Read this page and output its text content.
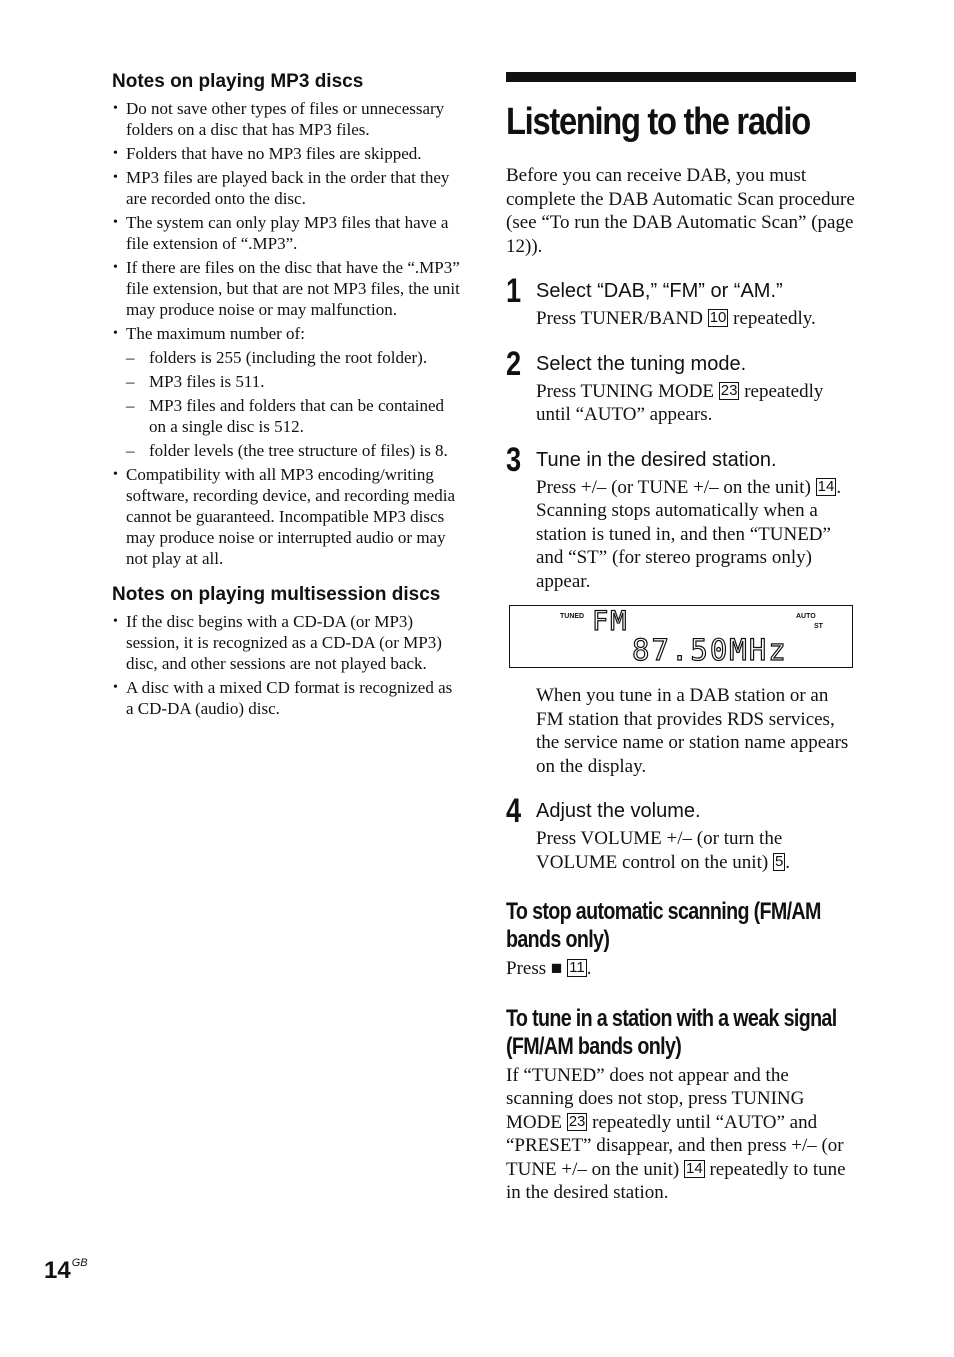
Notes on playing MP3 discs
• Do not save other types of files or unnecessary folders on a disc that has MP3 files.
• Folders that have no MP3 files are skipped.
• MP3 files are played back in the order that they are recorded onto the disc.
• The system can only play MP3 files that have a file extension of “.MP3”.
• If there are files on the disc that have the “.MP3” file extension, but that are not MP3 files, the unit may produce noise or may malfunction.
• The maximum number of:
– folders is 255 (including the root folder).
– MP3 files is 511.
– MP3 files and folders that can be contained on a single disc is 512.
– folder levels (the tree structure of files) is 8.
• Compatibility with all MP3 encoding/writing software, recording device, and recording media cannot be guaranteed. Incompatible MP3 discs may produce noise or interrupted audio or may not play at all.
Notes on playing multisession discs
• If the disc begins with a CD-DA (or MP3) session, it is recognized as a CD-DA (or MP3) disc, and other sessions are not played back.
• A disc with a mixed CD format is recognized as a CD-DA (audio) disc.
Listening to the radio

Before you can receive DAB, you must complete the DAB Automatic Scan procedure (see “To run the DAB Automatic Scan” (page 12)).

1 Select “DAB,” “FM” or “AM.”

Press TUNER/BAND 10 repeatedly.

2 Select the tuning mode.

Press TUNING MODE 23 repeatedly until “AUTO” appears.

3 Tune in the desired station.

Press +/– (or TUNE +/– on the unit) 14 . Scanning stops automatically when a station is tuned in, and then “TUNED” and “ST” (for stereo programs only) appear.

TUNED	AUTO
ST
FM
87.50MHz

When you tune in a DAB station or an FM station that provides RDS services, the service name or station name appears on the display.

4 Adjust the volume.

Press VOLUME +/– (or turn the VOLUME control on the unit) 5 .

To stop automatic scanning (FM/AM bands only)

Press ■ 11 .

To tune in a station with a weak signal (FM/AM bands only)

If “TUNED” does not appear and the scanning does not stop, press TUNING MODE 23 repeatedly until “AUTO” and “PRESET” disappear, and then press +/– (or TUNE +/– on the unit) 14 repeatedly to tune in the desired station.

$14^{GB}$
